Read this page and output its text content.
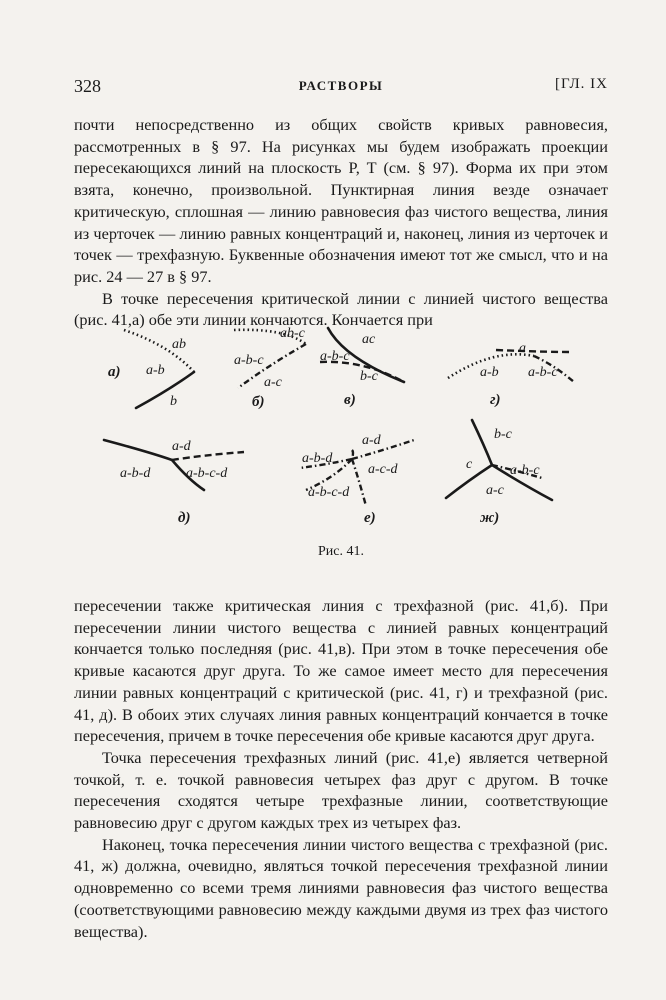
328	РАСТВОРЫ	[ГЛ. IX

почти непосредственно из общих свойств кривых равновесия, рассмотренных в § 97. На рисунках мы будем изображать проекции пересекающихся линий на плоскость P, T (см. § 97). Форма их при этом взята, конечно, произвольной. Пунктирная линия везде означает критическую, сплошная — линию равновесия фаз чистого вещества, линия из черточек — линию равных концентраций и, наконец, линия из черточек и точек — трехфазную. Буквенные обозначения имеют тот же смысл, что и на рис. 24 — 27 в § 97.

В точке пересечения критической линии с линией чистого вещества (рис. 41,а) обе эти линии кончаются. Кончается при

ab
a-b
b
а)
ab-c
a-b-c
a-c
б)
ac
a-b-c
b-c
в)
a
a-b a-b-c
г)
a-d
a-b-d	a-b-c-d
д)
a-d
a-b-d
a-c-d
a-b-c-d
е)
b-c
c	a-b-c
a-c
ж)
Рис. 41.

пересечении также критическая линия с трехфазной (рис. 41,б). При пересечении линии чистого вещества с линией равных концентраций кончается только последняя (рис. 41,в). При этом в точке пересечения обе кривые касаются друг друга. То же самое имеет место для пересечения линии равных концентраций с критической (рис. 41, г) и трехфазной (рис. 41, д). В обоих этих случаях линия равных концентраций кончается в точке пересечения, причем в точке пересечения обе кривые касаются друг друга.

Точка пересечения трехфазных линий (рис. 41,е) является четверной точкой, т. е. точкой равновесия четырех фаз друг с другом. В точке пересечения сходятся четыре трехфазные линии, соответствующие равновесию друг с другом каждых трех из четырех фаз.

Наконец, точка пересечения линии чистого вещества с трехфазной (рис. 41, ж) должна, очевидно, являться точкой пересечения трехфазной линии одновременно со всеми тремя линиями равновесия фаз чистого вещества (соответствующими равновесию между каждыми двумя из трех фаз чистого вещества).
